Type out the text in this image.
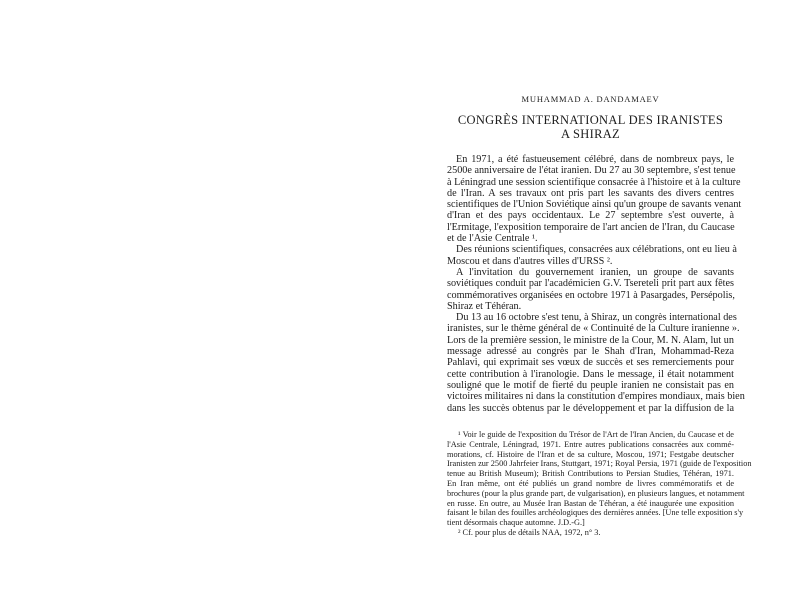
MUHAMMAD A. DANDAMAEV
CONGRÈS INTERNATIONAL DES IRANISTES
A SHIRAZ
En 1971, a été fastueusement célébré, dans de nombreux pays, le
2500e anniversaire de l'état iranien. Du 27 au 30 septembre, s'est tenue
à Léningrad une session scientifique consacrée à l'histoire et à la culture
de l'Iran. A ses travaux ont pris part les savants des divers centres
scientifiques de l'Union Soviétique ainsi qu'un groupe de savants venant
d'Iran et des pays occidentaux. Le 27 septembre s'est ouverte, à
l'Ermitage, l'exposition temporaire de l'art ancien de l'Iran, du Caucase
et de l'Asie Centrale ¹.
Des réunions scientifiques, consacrées aux célébrations, ont eu lieu à
Moscou et dans d'autres villes d'URSS ².
A l'invitation du gouvernement iranien, un groupe de savants
soviétiques conduit par l'académicien G.V. Tsereteli prit part aux fêtes
commémoratives organisées en octobre 1971 à Pasargades, Persépolis,
Shiraz et Téhéran.
Du 13 au 16 octobre s'est tenu, à Shiraz, un congrès international des
iranistes, sur le thème général de « Continuité de la Culture iranienne ».
Lors de la première session, le ministre de la Cour, M. N. Alam, lut un
message adressé au congrès par le Shah d'Iran, Mohammad-Reza
Pahlavi, qui exprimait ses vœux de succès et ses remerciements pour
cette contribution à l'iranologie. Dans le message, il était notamment
souligné que le motif de fierté du peuple iranien ne consistait pas en
victoires militaires ni dans la constitution d'empires mondiaux, mais bien
dans les succès obtenus par le développement et par la diffusion de la
¹ Voir le guide de l'exposition du Trésor de l'Art de l'Iran Ancien, du Caucase et de
l'Asie Centrale, Léningrad, 1971. Entre autres publications consacrées aux commé-
morations, cf. Histoire de l'Iran et de sa culture, Moscou, 1971; Festgabe deutscher
Iranisten zur 2500 Jahrfeier Irans, Stuttgart, 1971; Royal Persia, 1971 (guide de l'exposition
tenue au British Museum); British Contributions to Persian Studies, Téhéran, 1971.
En Iran même, ont été publiés un grand nombre de livres commémoratifs et de
brochures (pour la plus grande part, de vulgarisation), en plusieurs langues, et notamment
en russe. En outre, au Musée Iran Bastan de Téhéran, a été inaugurée une exposition
faisant le bilan des fouilles archéologiques des dernières années. [Une telle exposition s'y
tient désormais chaque automne. J.D.-G.]
² Cf. pour plus de détails NAA, 1972, n° 3.
